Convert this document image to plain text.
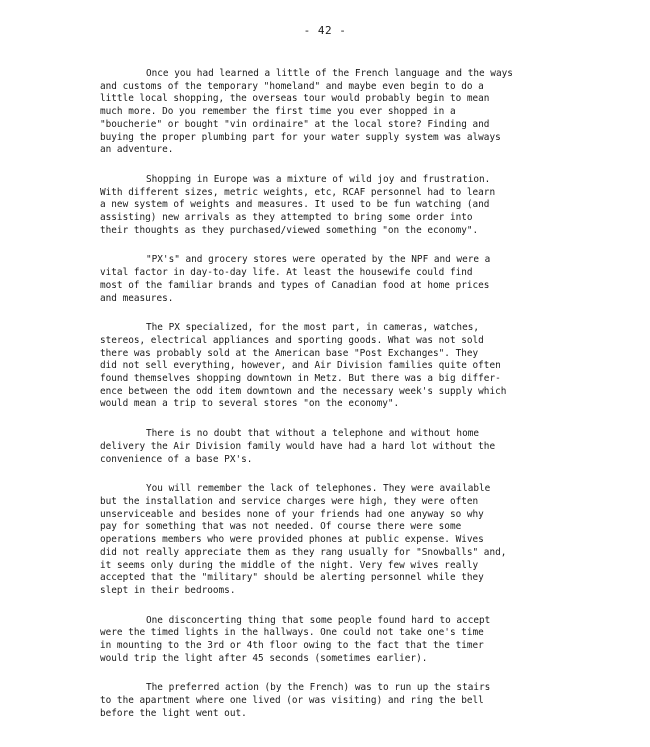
- 42 -

Once you had learned a little of the French language and the ways
and customs of the temporary "homeland" and maybe even begin to do a
little local shopping, the overseas tour would probably begin to mean
much more. Do you remember the first time you ever shopped in a
"boucherie" or bought "vin ordinaire" at the local store? Finding and
buying the proper plumbing part for your water supply system was always
an adventure.

Shopping in Europe was a mixture of wild joy and frustration.
With different sizes, metric weights, etc, RCAF personnel had to learn
a new system of weights and measures. It used to be fun watching (and
assisting) new arrivals as they attempted to bring some order into
their thoughts as they purchased/viewed something "on the economy".

"PX's" and grocery stores were operated by the NPF and were a
vital factor in day-to-day life. At least the housewife could find
most of the familiar brands and types of Canadian food at home prices
and measures.

The PX specialized, for the most part, in cameras, watches,
stereos, electrical appliances and sporting goods. What was not sold
there was probably sold at the American base "Post Exchanges". They
did not sell everything, however, and Air Division families quite often
found themselves shopping downtown in Metz. But there was a big differ-
ence between the odd item downtown and the necessary week's supply which
would mean a trip to several stores "on the economy".

There is no doubt that without a telephone and without home
delivery the Air Division family would have had a hard lot without the
convenience of a base PX's.

You will remember the lack of telephones. They were available
but the installation and service charges were high, they were often
unserviceable and besides none of your friends had one anyway so why
pay for something that was not needed. Of course there were some
operations members who were provided phones at public expense. Wives
did not really appreciate them as they rang usually for "Snowballs" and,
it seems only during the middle of the night. Very few wives really
accepted that the "military" should be alerting personnel while they
slept in their bedrooms.

One disconcerting thing that some people found hard to accept
were the timed lights in the hallways. One could not take one's time
in mounting to the 3rd or 4th floor owing to the fact that the timer
would trip the light after 45 seconds (sometimes earlier).

The preferred action (by the French) was to run up the stairs
to the apartment where one lived (or was visiting) and ring the bell
before the light went out.
